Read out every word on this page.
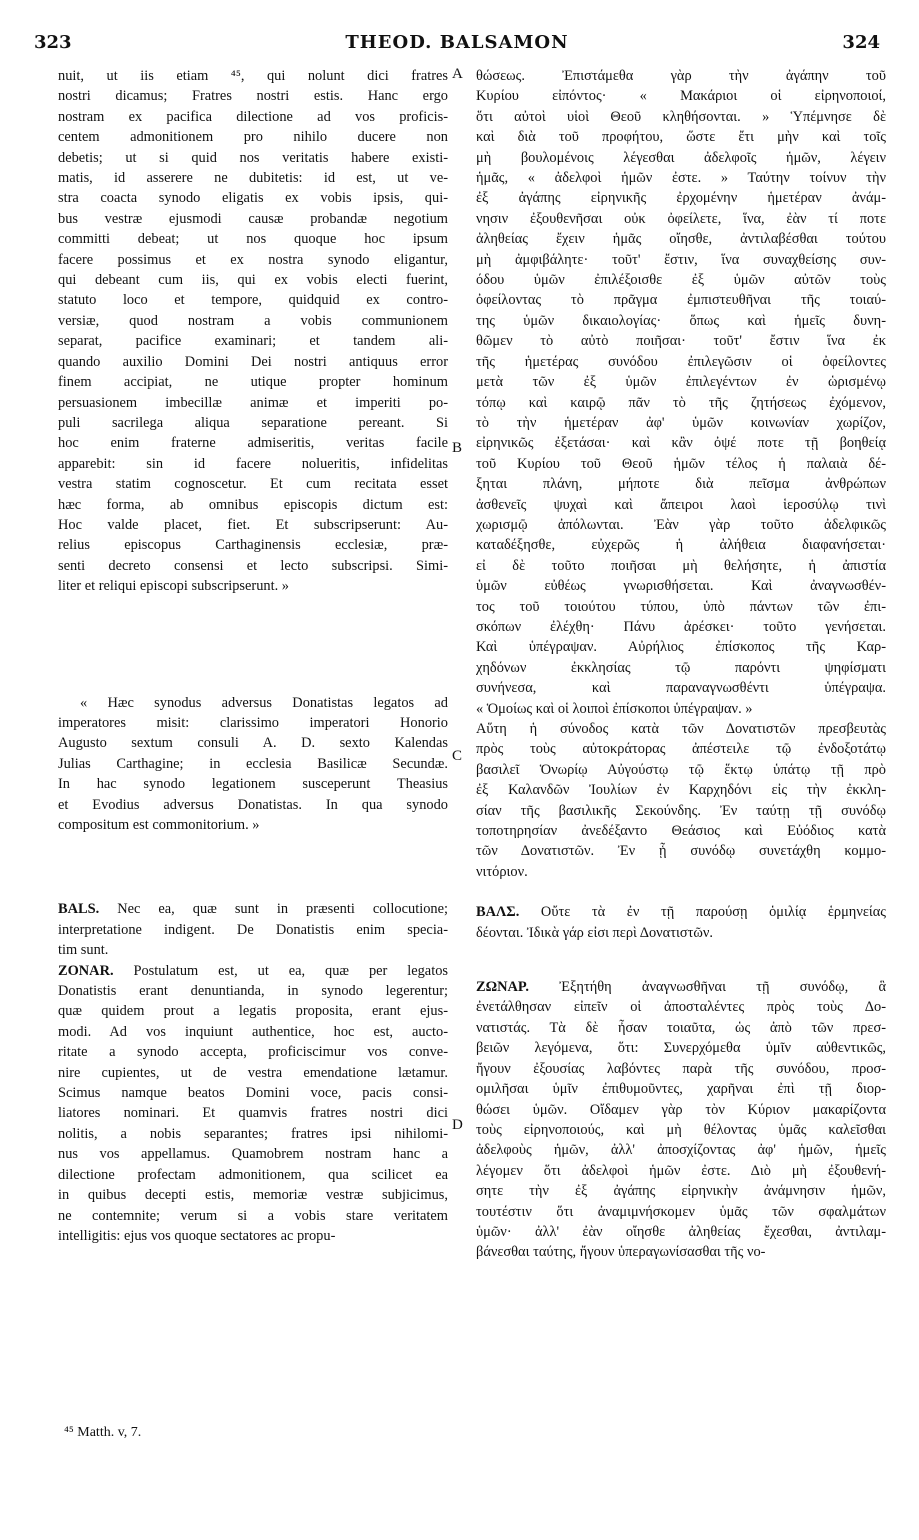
323	THEOD. BALSAMON	324
A
B
C
D
nuit, ut iis etiam ⁴⁵, qui nolunt dici fratres
nostri dicamus; Fratres nostri estis. Hanc ergo
nostram ex pacifica dilectione ad vos proficis-
centem admonitionem pro nihilo ducere non
debetis; ut si quid nos veritatis habere existi-
matis, id asserere ne dubitetis: id est, ut ve-
stra coacta synodo eligatis ex vobis ipsis, qui-
bus vestræ ejusmodi causæ probandæ negotium
committi debeat; ut nos quoque hoc ipsum
facere possimus et ex nostra synodo eligantur,
qui debeant cum iis, qui ex vobis electi fuerint,
statuto loco et tempore, quidquid ex contro-
versiæ, quod nostram a vobis communionem
separat, pacifice examinari; et tandem ali-
quando auxilio Domini Dei nostri antiquus error
finem accipiat, ne utique propter hominum
persuasionem imbecillæ animæ et imperiti po-
puli sacrilega aliqua separatione pereant. Si
hoc enim fraterne admiseritis, veritas facile
apparebit: sin id facere nolueritis, infidelitas
vestra statim cognoscetur. Et cum recitata esset
hæc forma, ab omnibus episcopis dictum est:
Hoc valde placet, fiet. Et subscripserunt: Au-
relius episcopus Carthaginensis ecclesiæ, præ-
senti decreto consensi et lecto subscripsi. Simi-
liter et reliqui episcopi subscripserunt. »
« Hæc synodus adversus Donatistas legatos ad
imperatores misit: clarissimo imperatori Honorio
Augusto sextum consuli A. D. sexto Kalendas
Julias Carthagine; in ecclesia Basilicæ Secundæ.
In hac synodo legationem susceperunt Theasius
et Evodius adversus Donatistas. In qua synodo
compositum est commonitorium. »
BALS. Nec ea, quæ sunt in præsenti collocutione;
interpretatione indigent. De Donatistis enim specia-
tim sunt.
ZONAR. Postulatum est, ut ea, quæ per legatos
Donatistis erant denuntianda, in synodo legerentur;
quæ quidem prout a legatis proposita, erant ejus-
modi. Ad vos inquiunt authentice, hoc est, aucto-
ritate a synodo accepta, proficiscimur vos conve-
nire cupientes, ut de vestra emendatione lætamur.
Scimus namque beatos Domini voce, pacis consi-
liatores nominari. Et quamvis fratres nostri dici
nolitis, a nobis separantes; fratres ipsi nihilomi-
nus vos appellamus. Quamobrem nostram hanc a
dilectione profectam admonitionem, qua scilicet ea
in quibus decepti estis, memoriæ vestræ subjicimus,
ne contemnite; verum si a vobis stare veritatem
intelligitis: ejus vos quoque sectatores ac propu-
θώσεως. Ἐπιστάμεθα γὰρ τὴν ἀγάπην τοῦ
Κυρίου εἰπόντος· « Μακάριοι οἱ εἰρηνοποιοί,
ὅτι αὐτοὶ υἱοὶ Θεοῦ κληθήσονται. » Ὑπέμνησε δὲ
καὶ διὰ τοῦ προφήτου, ὥστε ἔτι μὴν καὶ τοῖς
μὴ βουλομένοις λέγεσθαι ἀδελφοῖς ἡμῶν, λέγειν
ἡμᾶς, « ἀδελφοὶ ἡμῶν ἐστε. » Ταύτην τοίνυν τὴν
ἐξ ἀγάπης εἰρηνικῆς ἐρχομένην ἡμετέραν ἀνάμ-
νησιν ἐξουθενῆσαι οὐκ ὀφείλετε, ἵνα, ἐὰν τί ποτε
ἀληθείας ἔχειν ἡμᾶς οἴησθε, ἀντιλαβέσθαι τούτου
μὴ ἀμφιβάλητε· τοῦτ' ἔστιν, ἵνα συναχθείσης συν-
όδου ὑμῶν ἐπιλέξοισθε ἐξ ὑμῶν αὐτῶν τοὺς
ὀφείλοντας τὸ πρᾶγμα ἐμπιστευθῆναι τῆς τοιαύ-
της ὑμῶν δικαιολογίας· ὅπως καὶ ἡμεῖς δυνη-
θῶμεν τὸ αὐτὸ ποιῆσαι· τοῦτ' ἔστιν ἵνα ἐκ
τῆς ἡμετέρας συνόδου ἐπιλεγῶσιν οἱ ὀφείλοντες
μετὰ τῶν ἐξ ὑμῶν ἐπιλεγέντων ἐν ὡρισμένῳ
τόπῳ καὶ καιρῷ πᾶν τὸ τῆς ζητήσεως ἐχόμενον,
τὸ τὴν ἡμετέραν ἀφ' ὑμῶν κοινωνίαν χωρίζον,
εἰρηνικῶς ἐξετάσαι· καὶ κἂν ὀψέ ποτε τῇ βοηθείᾳ
τοῦ Κυρίου τοῦ Θεοῦ ἡμῶν τέλος ἡ παλαιὰ δέ-
ξηται πλάνη, μήποτε διὰ πεῖσμα ἀνθρώπων
ἀσθενεῖς ψυχαὶ καὶ ἄπειροι λαοὶ ἱεροσύλῳ τινὶ
χωρισμῷ ἀπόλωνται. Ἐὰν γὰρ τοῦτο ἀδελφικῶς
καταδέξησθε, εὐχερῶς ἡ ἀλήθεια διαφανήσεται·
εἰ δὲ τοῦτο ποιῆσαι μὴ θελήσητε, ἡ ἀπιστία
ὑμῶν εὐθέως γνωρισθήσεται. Καὶ ἀναγνωσθέν-
τος τοῦ τοιούτου τύπου, ὑπὸ πάντων τῶν ἐπι-
σκόπων ἐλέχθη· Πάνυ ἀρέσκει· τοῦτο γενήσεται.
Καὶ ὑπέγραψαν. Αὐρήλιος ἐπίσκοπος τῆς Καρ-
χηδόνων ἐκκλησίας τῷ παρόντι ψηφίσματι
συνήνεσα, καὶ παραναγνωσθέντι ὑπέγραψα.
« Ὁμοίως καὶ οἱ λοιποὶ ἐπίσκοποι ὑπέγραψαν. »
Αὕτη ἡ σύνοδος κατὰ τῶν Δονατιστῶν πρεσβευτὰς
πρὸς τοὺς αὐτοκράτορας ἀπέστειλε τῷ ἐνδοξοτάτῳ
βασιλεῖ Ὁνωρίῳ Αὐγούστῳ τῷ ἕκτῳ ὑπάτῳ τῇ πρὸ
ἐξ Καλανδῶν Ἰουλίων ἐν Καρχηδόνι εἰς τὴν ἐκκλη-
σίαν τῆς βασιλικῆς Σεκούνδης. Ἐν ταύτῃ τῇ συνόδῳ
τοποτηρησίαν ἀνεδέξαντο Θεάσιος καὶ Εὐόδιος κατὰ
τῶν Δονατιστῶν. Ἐν ᾗ συνόδῳ συνετάχθη κομμο-
νιτόριον.
ΒΑΛΣ. Οὔτε τὰ ἐν τῇ παρούσῃ ὁμιλίᾳ ἑρμηνείας
δέονται. Ἰδικὰ γάρ εἰσι περὶ Δονατιστῶν.
ΖΩΝΑΡ. Ἐξητήθη ἀναγνωσθῆναι τῇ συνόδῳ, ἃ
ἐνετάλθησαν εἰπεῖν οἱ ἀποσταλέντες πρὸς τοὺς Δο-
νατιστάς. Τὰ δὲ ἦσαν τοιαῦτα, ὡς ἀπὸ τῶν πρεσ-
βειῶν λεγόμενα, ὅτι: Συνερχόμεθα ὑμῖν αὐθεντικῶς,
ἤγουν ἐξουσίας λαβόντες παρὰ τῆς συνόδου, προσ-
ομιλῆσαι ὑμῖν ἐπιθυμοῦντες, χαρῆναι ἐπὶ τῇ διορ-
θώσει ὑμῶν. Οἴδαμεν γὰρ τὸν Κύριον μακαρίζοντα
τοὺς εἰρηνοποιούς, καὶ μὴ θέλοντας ὑμᾶς καλεῖσθαι
ἀδελφοὺς ἡμῶν, ἀλλ' ἀποσχίζοντας ἀφ' ἡμῶν, ἡμεῖς
λέγομεν ὅτι ἀδελφοὶ ἡμῶν ἐστε. Διὸ μὴ ἐξουθενή-
σητε τὴν ἐξ ἀγάπης εἰρηνικὴν ἀνάμνησιν ἡμῶν,
τουτέστιν ὅτι ἀναμιμνήσκομεν ὑμᾶς τῶν σφαλμάτων
ὑμῶν· ἀλλ' ἐὰν οἴησθε ἀληθείας ἔχεσθαι, ἀντιλαμ-
βάνεσθαι ταύτης, ἤγουν ὑπεραγωνίσασθαι τῆς νο-
⁴⁵ Matth. v, 7.
